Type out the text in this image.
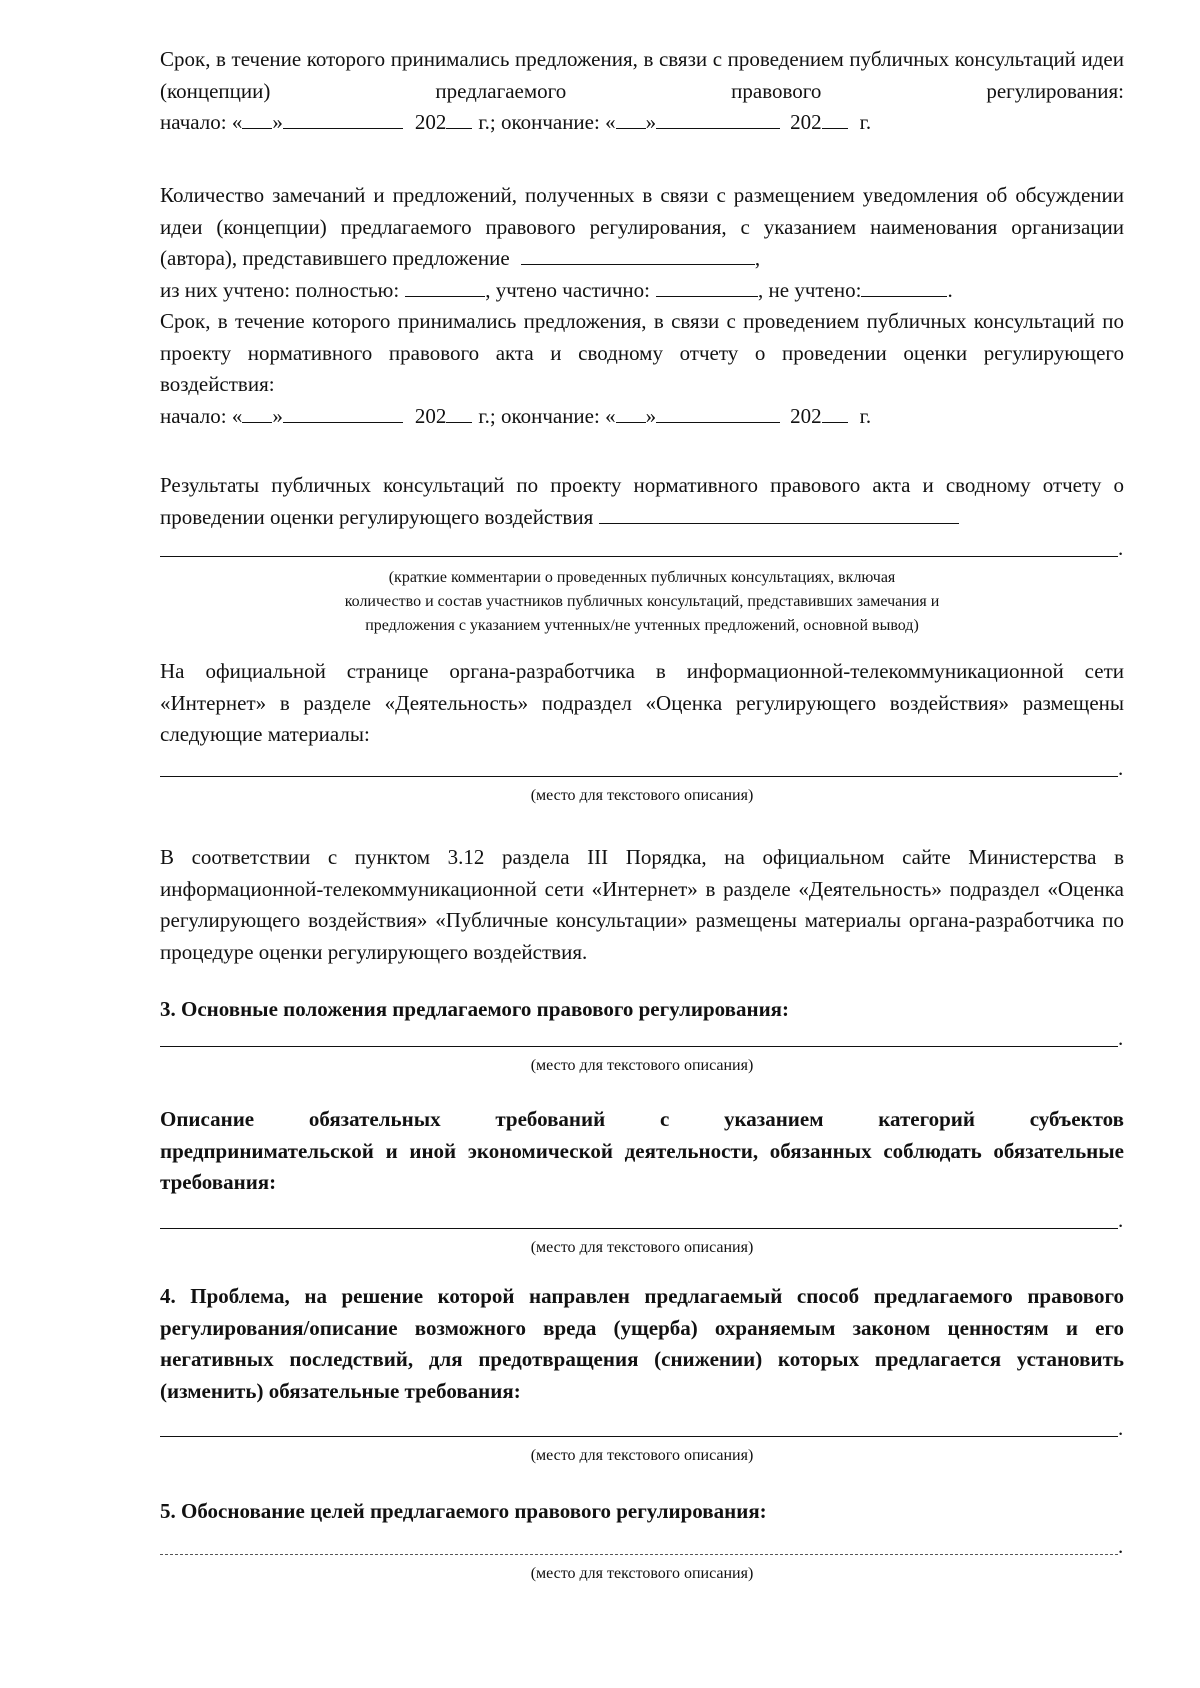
Срок, в течение которого принимались предложения, в связи с проведением публичных консультаций идеи (концепции) предлагаемого правового регулирования:
начало: « »	202 г.; окончание: « »	202 г.
Количество замечаний и предложений, полученных в связи с размещением уведомления об обсуждении идеи (концепции) предлагаемого правового регулирования, с указанием наименования организации (автора), представившего предложение	,
из них учтено: полностью:	, учтено частично:	, не учтено:	.
Срок, в течение которого принимались предложения, в связи с проведением публичных консультаций по проекту нормативного правового акта и сводному отчету о проведении оценки регулирующего воздействия:
начало: « »	202 г.; окончание: « »	202 г.
Результаты публичных консультаций по проекту нормативного правового акта и сводному отчету о проведении оценки регулирующего воздействия
.
(краткие комментарии о проведенных публичных консультациях, включая
количество и состав участников публичных консультаций, представивших замечания и
предложения с указанием учтенных/не учтенных предложений, основной вывод)
На официальной странице органа-разработчика в информационной-телекоммуникационной сети «Интернет» в разделе «Деятельность» подраздел «Оценка регулирующего воздействия» размещены следующие материалы:
.
(место для текстового описания)
В соответствии с пунктом 3.12 раздела III Порядка, на официальном сайте Министерства в информационной-телекоммуникационной сети «Интернет» в разделе «Деятельность» подраздел «Оценка регулирующего воздействия» «Публичные консультации» размещены материалы органа-разработчика по процедуре оценки регулирующего воздействия.
3. Основные положения предлагаемого правового регулирования:
.
(место для текстового описания)
Описание	обязательных	требований	с	указанием	категорий	субъектов
предпринимательской и иной экономической деятельности, обязанных соблюдать обязательные требования:
.
(место для текстового описания)
4. Проблема, на решение которой направлен предлагаемый способ предлагаемого правового регулирования/описание возможного вреда (ущерба) охраняемым законом ценностям и его негативных последствий, для предотвращения (снижении) которых предлагается установить (изменить) обязательные требования:
.
(место для текстового описания)
5. Обоснование целей предлагаемого правового регулирования:
.
(место для текстового описания)
